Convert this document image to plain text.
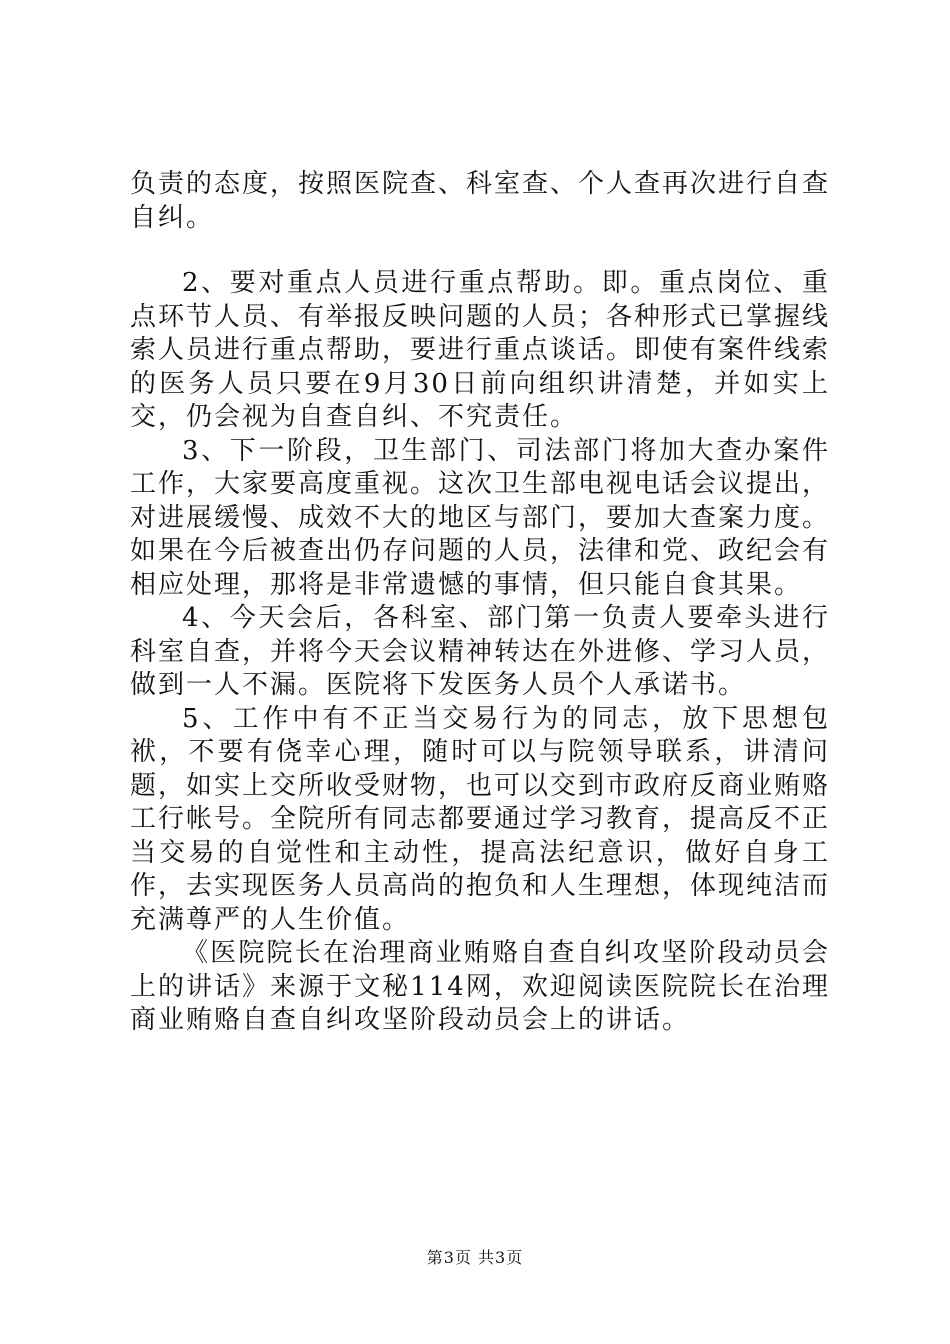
负责的态度，按照医院查、科室查、个人查再次进行自查自纠。

2、要对重点人员进行重点帮助。即。重点岗位、重点环节人员、有举报反映问题的人员；各种形式已掌握线索人员进行重点帮助，要进行重点谈话。即使有案件线索的医务人员只要在9月30日前向组织讲清楚，并如实上交，仍会视为自查自纠、不究责任。

3、下一阶段，卫生部门、司法部门将加大查办案件工作，大家要高度重视。这次卫生部电视电话会议提出，对进展缓慢、成效不大的地区与部门，要加大查案力度。如果在今后被查出仍存问题的人员，法律和党、政纪会有相应处理，那将是非常遗憾的事情，但只能自食其果。

4、今天会后，各科室、部门第一负责人要牵头进行科室自查，并将今天会议精神转达在外进修、学习人员，做到一人不漏。医院将下发医务人员个人承诺书。

5、工作中有不正当交易行为的同志，放下思想包袱，不要有侥幸心理，随时可以与院领导联系，讲清问题，如实上交所收受财物，也可以交到市政府反商业贿赂工行帐号。全院所有同志都要通过学习教育，提高反不正当交易的自觉性和主动性，提高法纪意识，做好自身工作，去实现医务人员高尚的抱负和人生理想，体现纯洁而充满尊严的人生价值。

《医院院长在治理商业贿赂自查自纠攻坚阶段动员会上的讲话》来源于文秘114网，欢迎阅读医院院长在治理商业贿赂自查自纠攻坚阶段动员会上的讲话。

第3页 共3页
